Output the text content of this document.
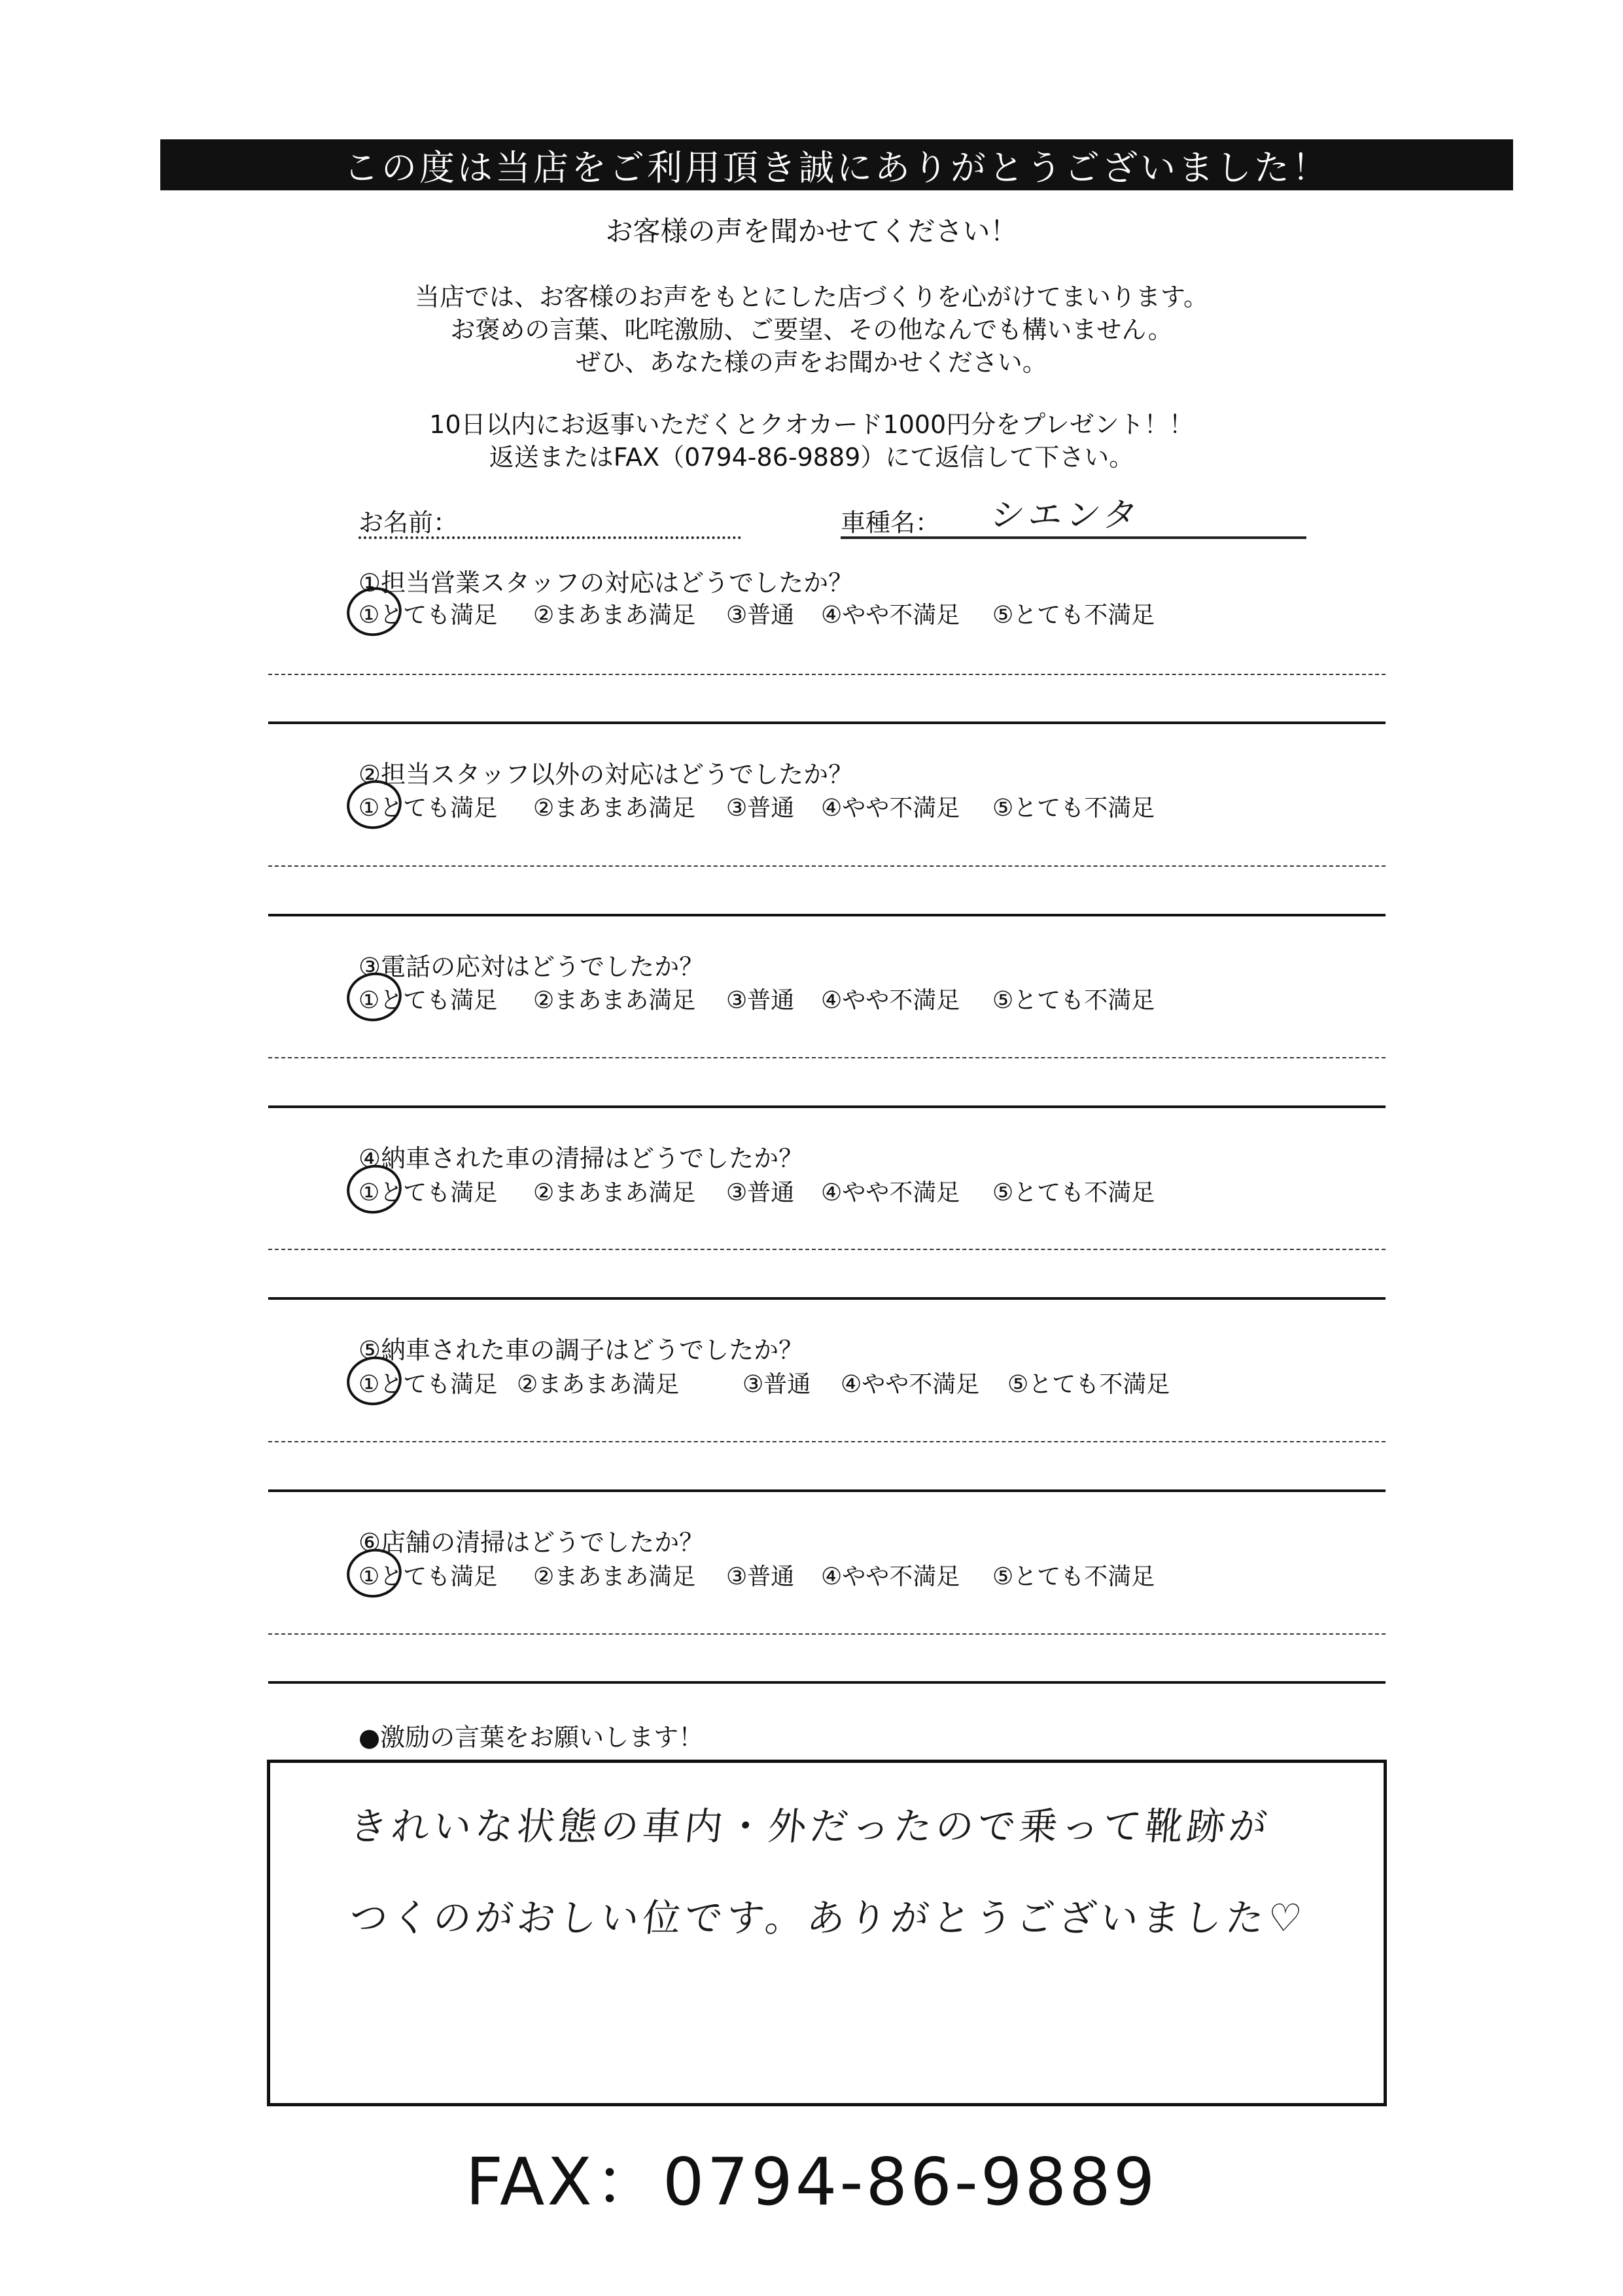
この度は当店をご利用頂き誠にありがとうございました！
お客様の声を聞かせてください！
当店では、お客様のお声をもとにした店づくりを心がけてまいります。
お褒めの言葉、叱咤激励、ご要望、その他なんでも構いません。
ぜひ、あなた様の声をお聞かせください。
10日以内にお返事いただくとクオカード1000円分をプレゼント！！
返送またはFAX（0794-86-9889）にて返信して下さい。
お名前：	車種名： シエンタ
①担当営業スタッフの対応はどうでしたか？
①とても満足 ②まあまあ満足 ③普通 ④やや不満足 ⑤とても不満足
②担当スタッフ以外の対応はどうでしたか？
①とても満足 ②まあまあ満足 ③普通 ④やや不満足 ⑤とても不満足
③電話の応対はどうでしたか？
①とても満足 ②まあまあ満足 ③普通 ④やや不満足 ⑤とても不満足
④納車された車の清掃はどうでしたか？
①とても満足 ②まあまあ満足 ③普通 ④やや不満足 ⑤とても不満足
⑤納車された車の調子はどうでしたか？
①とても満足 ②まあまあ満足	③普通 ④やや不満足 ⑤とても不満足
⑥店舗の清掃はどうでしたか？
①とても満足 ②まあまあ満足 ③普通 ④やや不満足 ⑤とても不満足
●激励の言葉をお願いします！
きれいな状態の車内・外だったので乗って靴跡が
つくのがおしい位です。ありがとうございました♡
FAX：0794-86-9889
